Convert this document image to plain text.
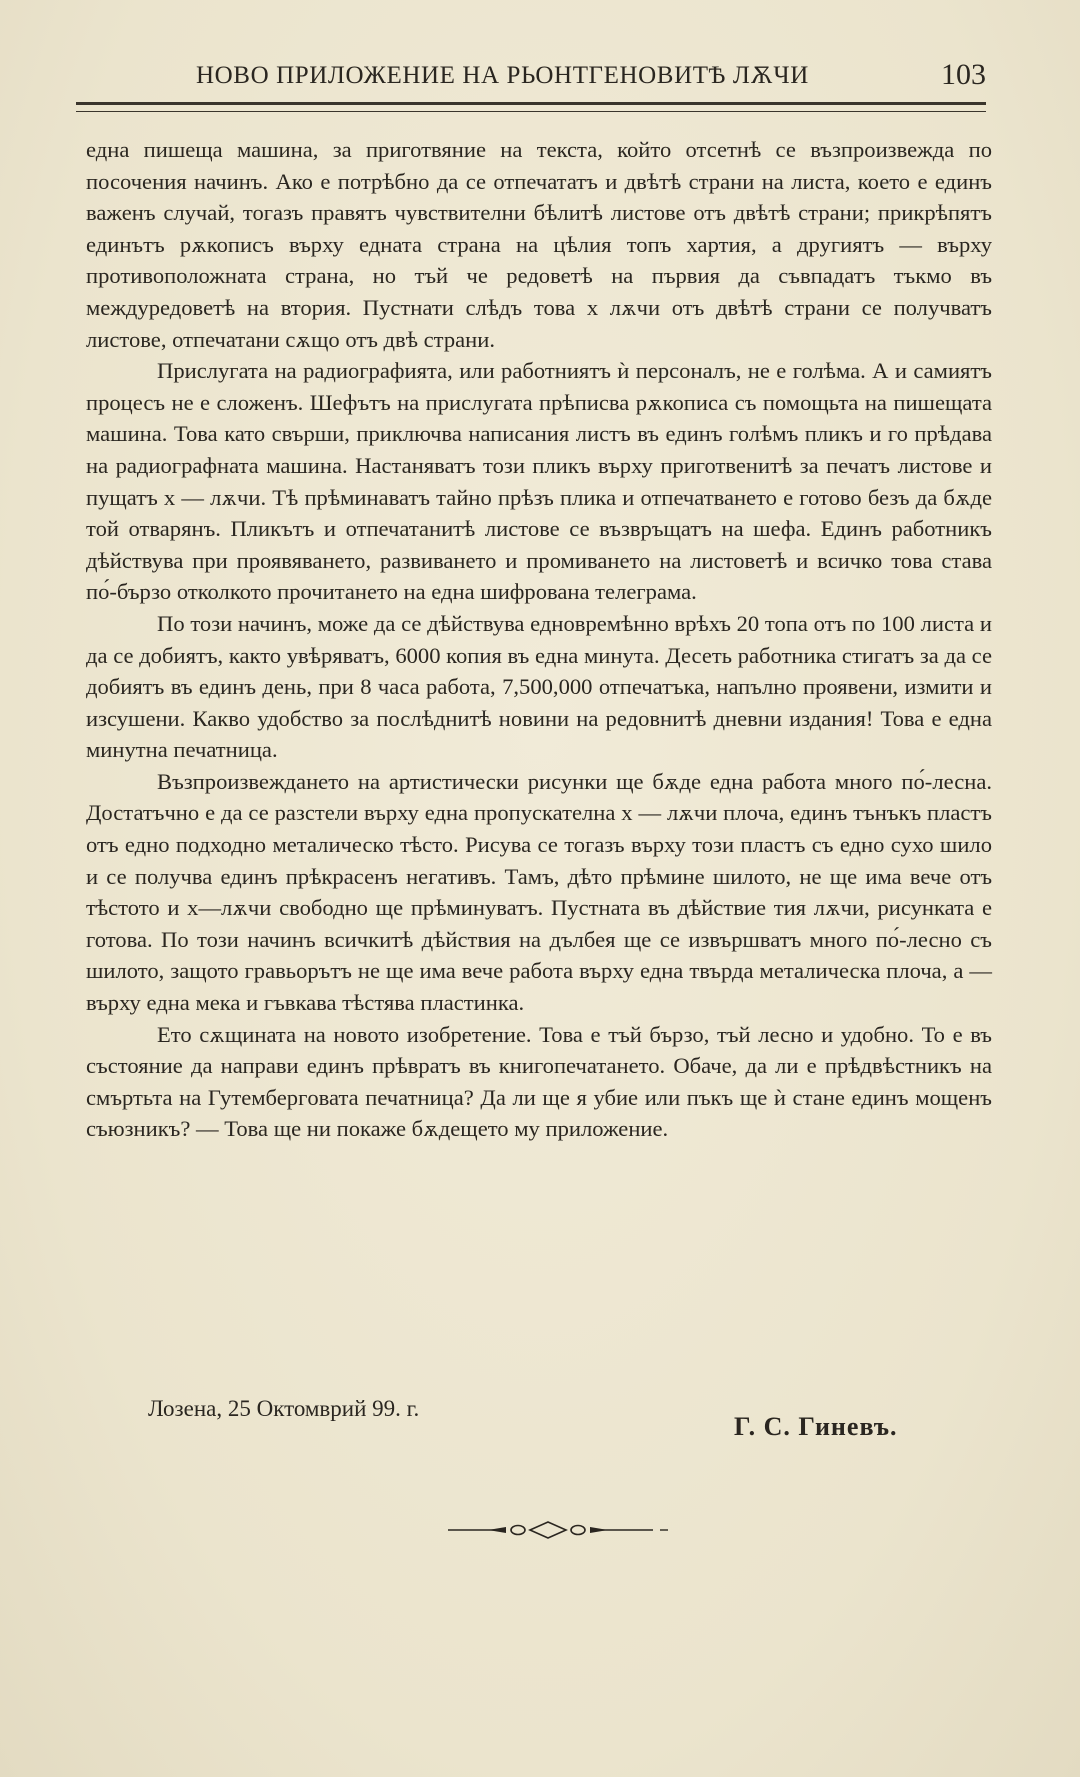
НОВО ПРИЛОЖЕНИЕ НА РЬОНТГЕНОВИТѢ ЛѪЧИ	103

една пишеща машина, за приготвяние на текста, който отсетнѣ се възпроизвежда по посочения начинъ. Ако е потрѣбно да се отпечататъ и двѣтѣ страни на листа, което е единъ важенъ случай, тогазъ правятъ чувствителни бѣлитѣ листове отъ двѣтѣ страни; прикрѣпятъ единътъ рѫкописъ върху едната страна на цѣлия топъ хартия, а другиятъ — върху противоположната страна, но тъй че редоветѣ на първия да съвпадатъ тъкмо въ междуредоветѣ на втория. Пустнати слѣдъ това x лѫчи отъ двѣтѣ страни се получватъ листове, отпечатани сѫщо отъ двѣ страни.

Прислугата на радиографията, или работниятъ ѝ персоналъ, не е голѣма. А и самиятъ процесъ не е сложенъ. Шефътъ на прислугата прѣписва рѫкописа съ помощьта на пишещата машина. Това като свърши, приключва написания листъ въ единъ голѣмъ пликъ и го прѣдава на радиографната машина. Настаняватъ този пликъ върху приготвенитѣ за печатъ листове и пущатъ x — лѫчи. Тѣ прѣминаватъ тайно прѣзъ плика и отпечатването е готово безъ да бѫде той отварянъ. Пликътъ и отпечатанитѣ листове се възвръщатъ на шефа. Единъ работникъ дѣйствува при проявяването, развиването и промиването на листоветѣ и всичко това става по́-бързо отколкото прочитането на една шифрована телеграма.

По този начинъ, може да се дѣйствува едновремѣнно врѣхъ 20 топа отъ по 100 листа и да се добиятъ, както увѣряватъ, 6000 копия въ една минута. Десеть работника стигатъ за да се добиятъ въ единъ день, при 8 часа работа, 7,500,000 отпечатъка, напълно проявени, измити и изсушени. Какво удобство за послѣднитѣ новини на редовнитѣ дневни издания! Това е една минутна печатница.

Възпроизвеждането на артистически рисунки ще бѫде една работа много по́-лесна. Достатъчно е да се разстели върху една пропускателна x — лѫчи плоча, единъ тънъкъ пластъ отъ едно подходно металическо тѣсто. Рисува се тогазъ върху този пластъ съ едно сухо шило и се получва единъ прѣкрасенъ негативъ. Тамъ, дѣто прѣмине шилото, не ще има вече отъ тѣстото и x—лѫчи свободно ще прѣминуватъ. Пустната въ дѣйствие тия лѫчи, рисунката е готова. По този начинъ всичкитѣ дѣйствия на дълбея ще се извършватъ много по́-лесно съ шилото, защото гравьорътъ не ще има вече работа върху една твърда металическа плоча, а — върху една мека и гъвкава тѣстява пластинка.

Ето сѫщината на новото изобретение. Това е тъй бързо, тъй лесно и удобно. То е въ състояние да направи единъ прѣвратъ въ книгопечатането. Обаче, да ли е прѣдвѣстникъ на смъртьта на Гутембергoвата печатница? Да ли ще я убие или пъкъ ще ѝ стане единъ мощенъ съюзникъ? — Това ще ни покаже бѫдещето му приложение.

Лозена, 25 Октомврий 99. г.
Г. С. Гиневъ.
